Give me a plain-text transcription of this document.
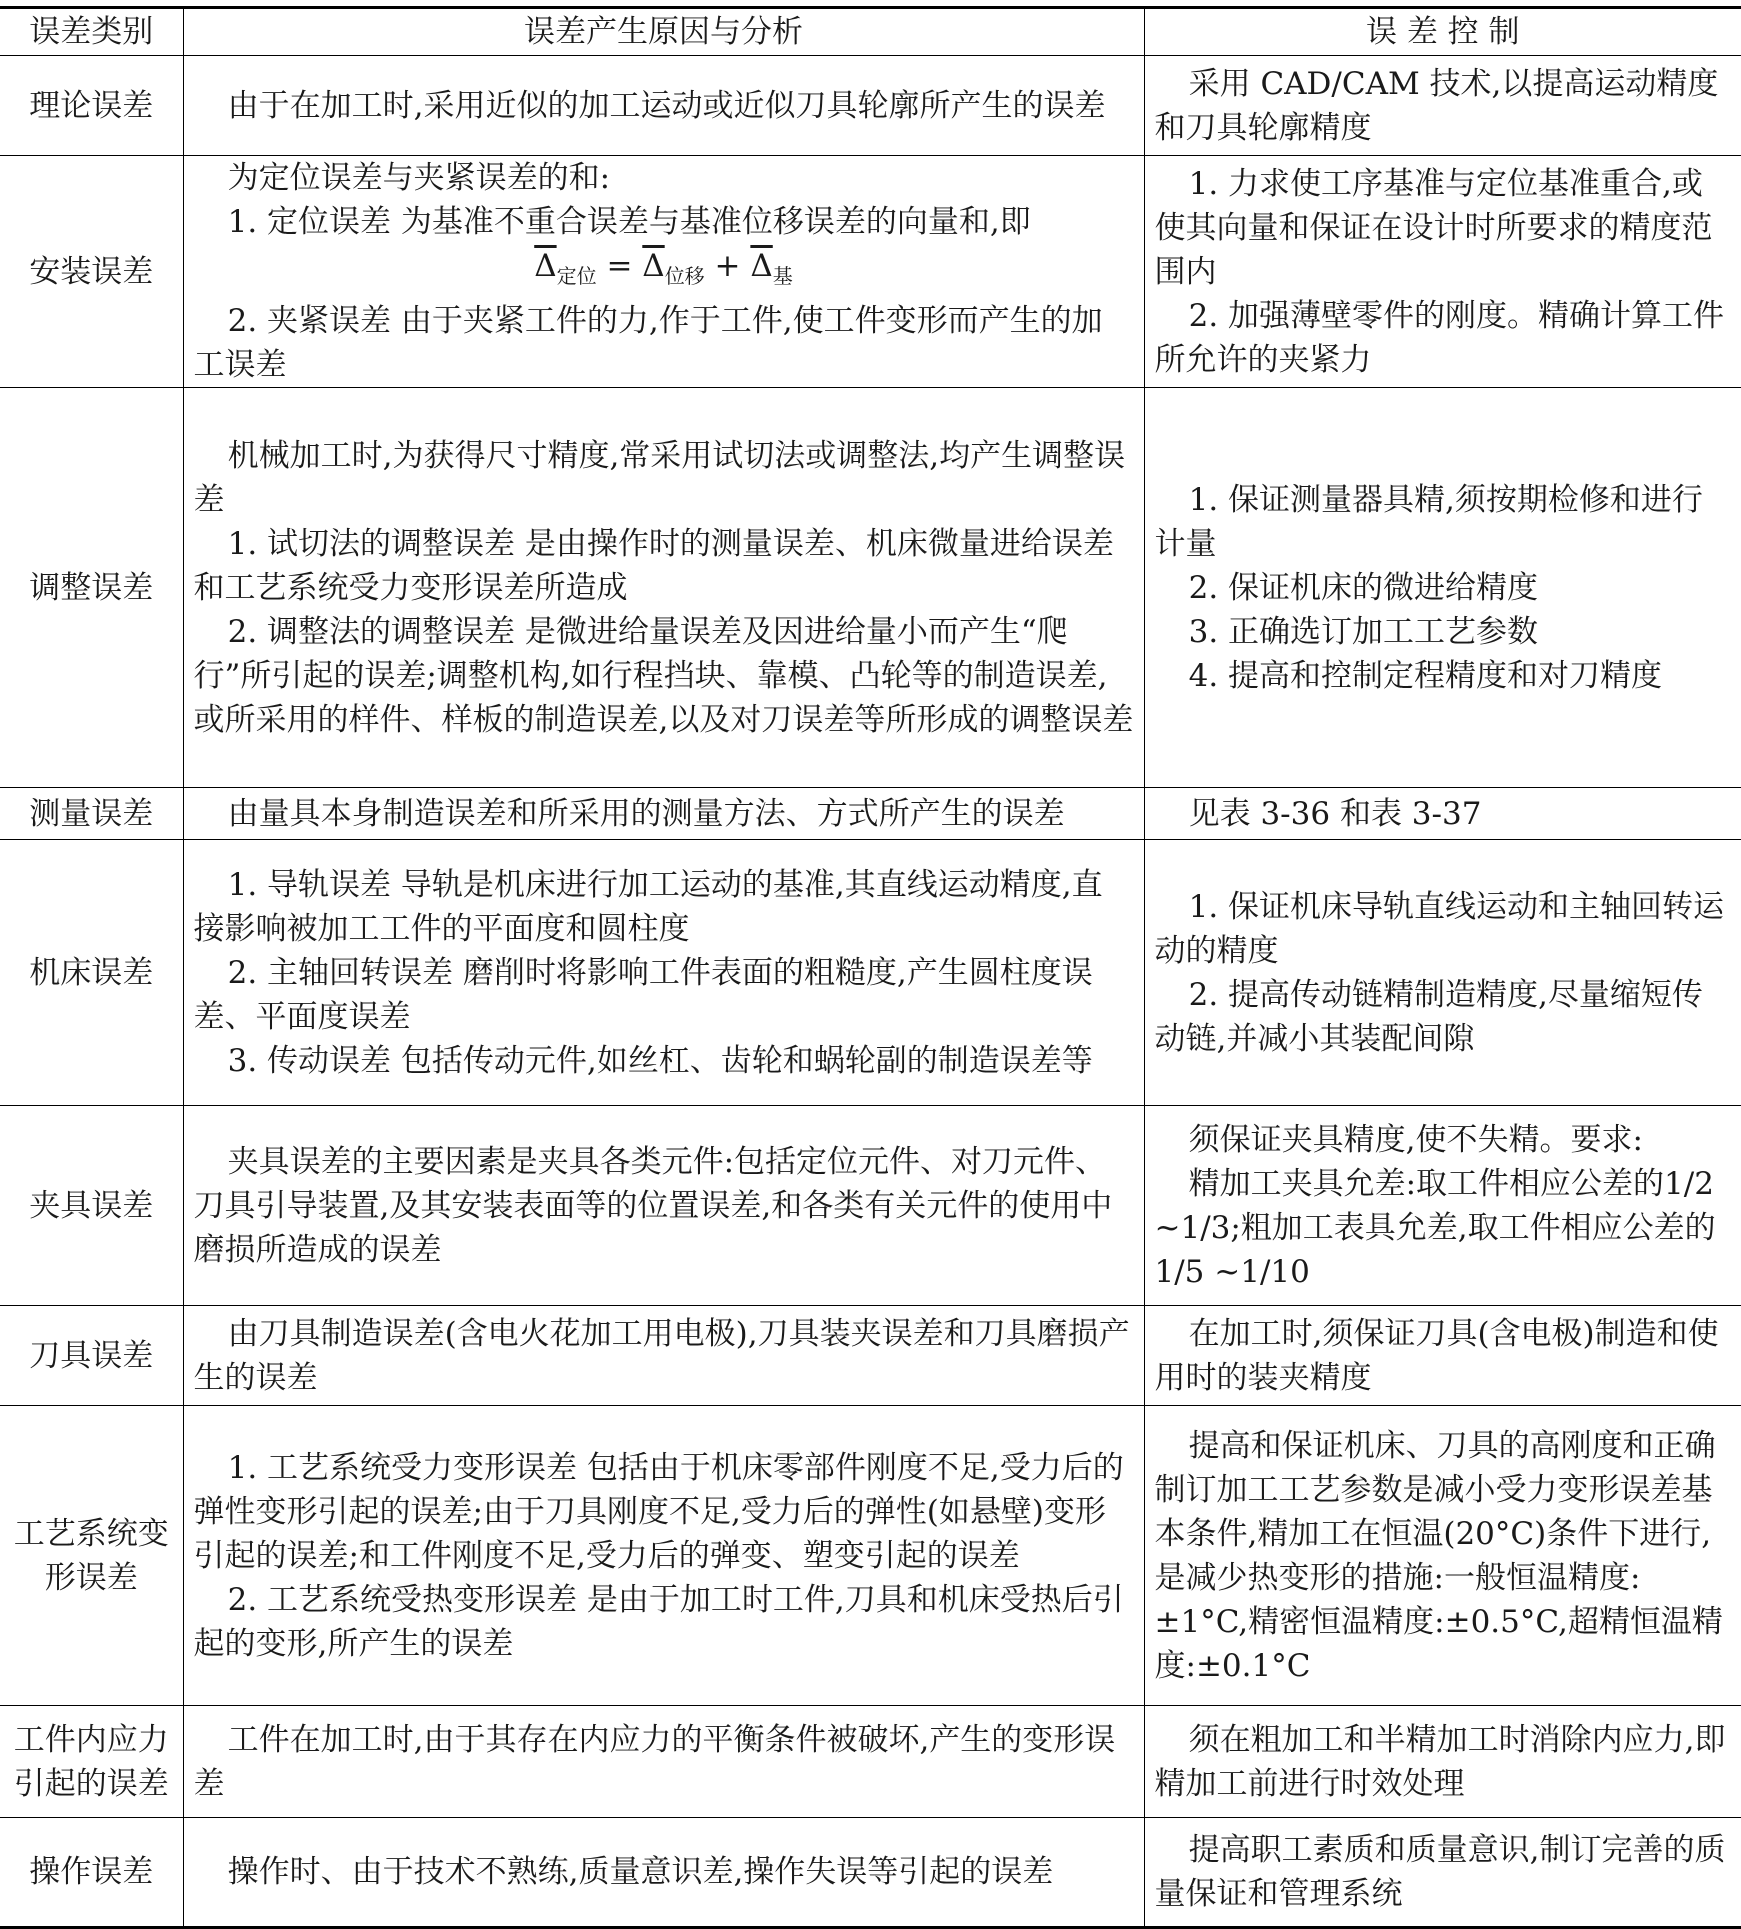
误差类别	误差产生原因与分析	误 差 控 制
理论误差	由于在加工时,采用近似的加工运动或近似刀具轮廓所产生的误差	采用 CAD/CAM 技术,以提高运动精度和刀具轮廓精度

安装误差	为定位误差与夹紧误差的和:
1. 定位误差 为基准不重合误差与基准位移误差的向量和,即
$\overline{\Delta}_{定位} = \overline{\Delta}_{位移} + \overline{\Delta}_基$
2. 夹紧误差 由于夹紧工件的力,作于工件,使工件变形而产生的加工误差	1. 力求使工序基准与定位基准重合,或使其向量和保证在设计时所要求的精度范围内
2. 加强薄壁零件的刚度。精确计算工件所允许的夹紧力

调整误差	机械加工时,为获得尺寸精度,常采用试切法或调整法,均产生调整误差
1. 试切法的调整误差 是由操作时的测量误差、机床微量进给误差和工艺系统受力变形误差所造成
2. 调整法的调整误差 是微进给量误差及因进给量小而产生“爬行”所引起的误差;调整机构,如行程挡块、靠模、凸轮等的制造误差,或所采用的样件、样板的制造误差,以及对刀误差等所形成的调整误差	1. 保证测量器具精,须按期检修和进行计量
2. 保证机床的微进给精度
3. 正确选订加工工艺参数
4. 提高和控制定程精度和对刀精度

测量误差	由量具本身制造误差和所采用的测量方法、方式所产生的误差	见表 3-36 和表 3-37

机床误差	1. 导轨误差 导轨是机床进行加工运动的基准,其直线运动精度,直接影响被加工工件的平面度和圆柱度
2. 主轴回转误差 磨削时将影响工件表面的粗糙度,产生圆柱度误差、平面度误差
3. 传动误差 包括传动元件,如丝杠、齿轮和蜗轮副的制造误差等	1. 保证机床导轨直线运动和主轴回转运动的精度
2. 提高传动链精制造精度,尽量缩短传动链,并减小其装配间隙

夹具误差	夹具误差的主要因素是夹具各类元件:包括定位元件、对刀元件、刀具引导装置,及其安装表面等的位置误差,和各类有关元件的使用中磨损所造成的误差	须保证夹具精度,使不失精。要求:
精加工夹具允差:取工件相应公差的1/2 ~1/3;粗加工表具允差,取工件相应公差的1/5 ~1/10

刀具误差	由刀具制造误差(含电火花加工用电极),刀具装夹误差和刀具磨损产生的误差	在加工时,须保证刀具(含电极)制造和使用时的装夹精度

工艺系统变形误差	1. 工艺系统受力变形误差 包括由于机床零部件刚度不足,受力后的弹性变形引起的误差;由于刀具刚度不足,受力后的弹性(如悬壁)变形引起的误差;和工件刚度不足,受力后的弹变、塑变引起的误差
2. 工艺系统受热变形误差 是由于加工时工件,刀具和机床受热后引起的变形,所产生的误差	提高和保证机床、刀具的高刚度和正确制订加工工艺参数是减小受力变形误差基本条件,精加工在恒温(20°C)条件下进行,是减少热变形的措施:一般恒温精度:±1°C,精密恒温精度:±0.5°C,超精恒温精度:±0.1°C

工件内应力引起的误差	工件在加工时,由于其存在内应力的平衡条件被破坏,产生的变形误差	须在粗加工和半精加工时消除内应力,即精加工前进行时效处理

操作误差	操作时、由于技术不熟练,质量意识差,操作失误等引起的误差	提高职工素质和质量意识,制订完善的质量保证和管理系统
